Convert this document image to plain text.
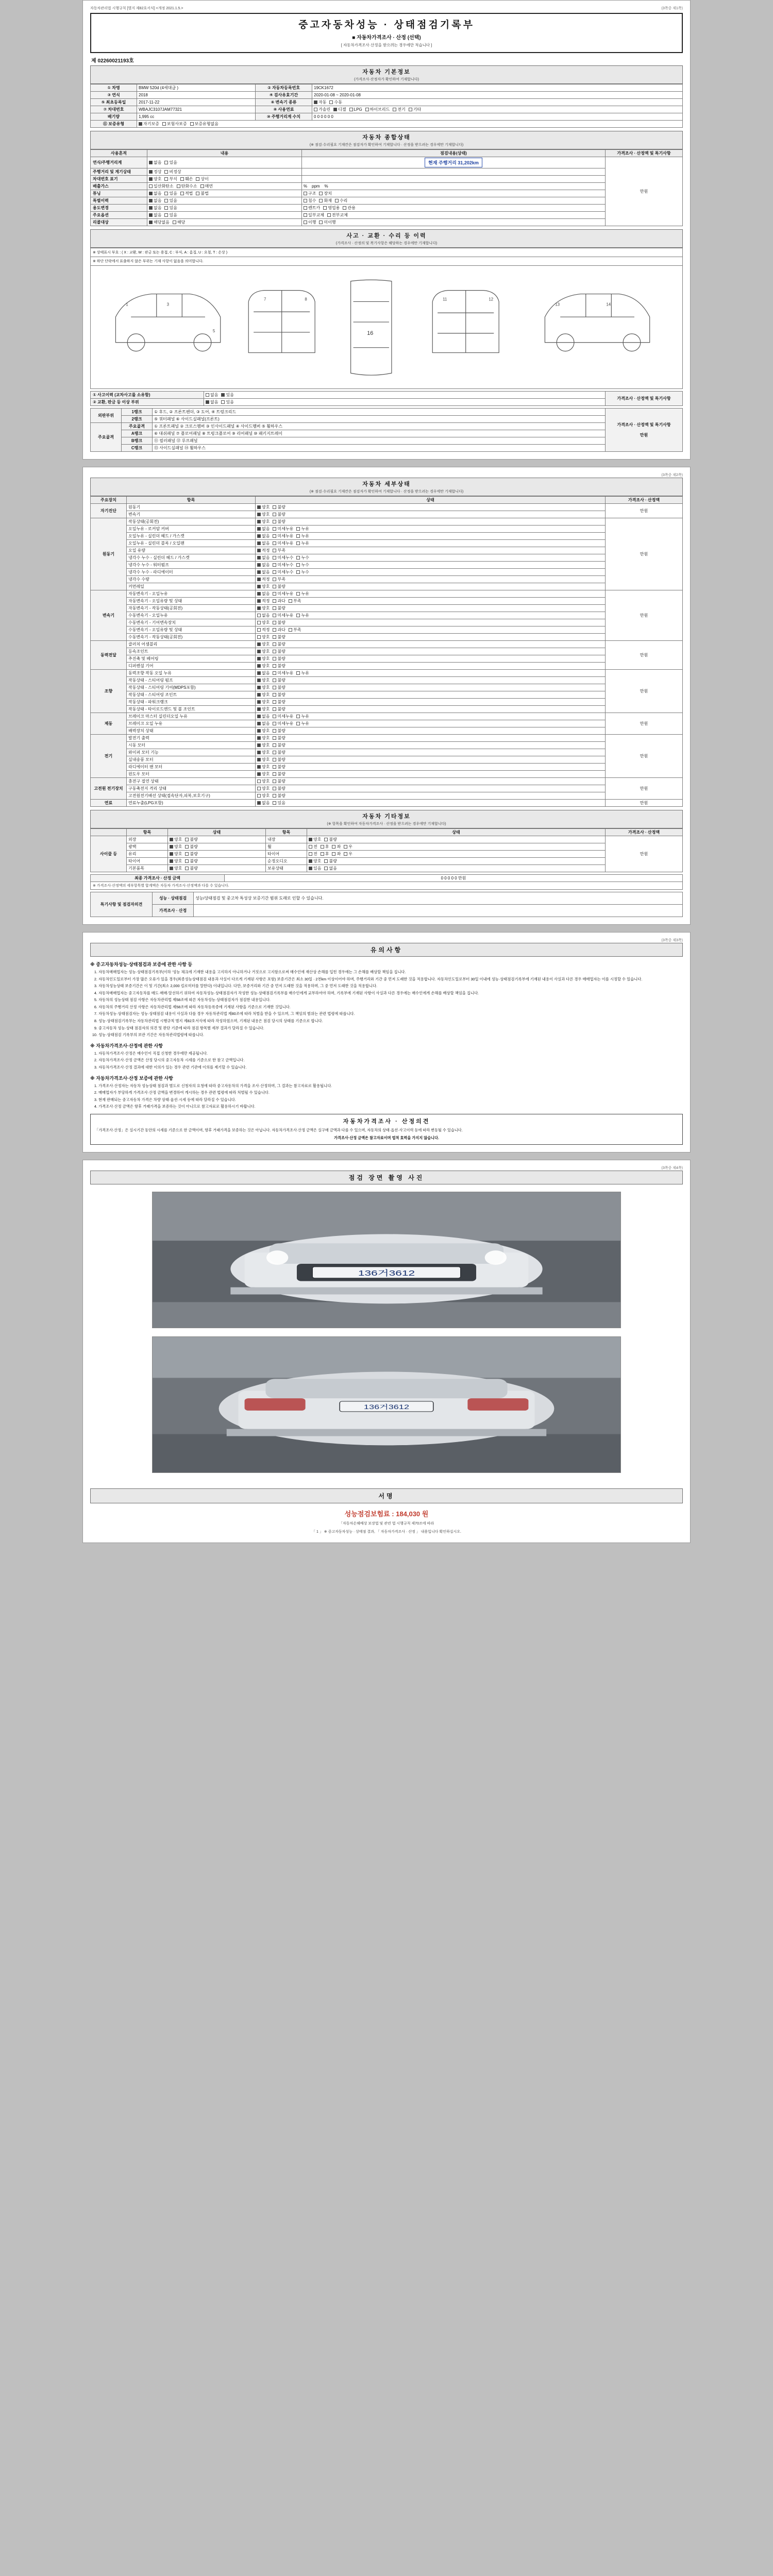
자동차관리법 시행규칙 [별지 제82호서식] <개정 2021.1.5.>	(3쪽중 제1쪽)
중고자동차성능 · 상태점검기록부
■ 자동차가격조사 · 산정 (선택)
[ 자동차가격조사·산정을 받으려는 경우에만 적습니다 ]
제 02260021193호
자동차 기본정보
(가격조사·산정자가 확인하여 기재합니다)
① 차명	BMW 520d (4세대급 )	② 자동차등록번호	19CK1672
③ 연식	2018	④ 검사유효기간	2020-01-08 ~ 2020-01-08
⑤ 최초등록일	2017-11-22	⑥ 변속기 종류	자동 수동
⑦ 차대번호	WBAJC3107JAM77321	⑧ 사용연료	가솔린 디젤 LPG 하이브리드 전기 기타
배기량	1,995 cc	⑩ 주행거리계 수치	0 0 0 0 0 0
⑪ 보증유형	자기보증 보험사보증 보증유형없음		
자동차 종합상태
(※ 점검·수리필요 기재칸은 점검자가 확인하여 기재합니다 · 산정을 받으려는 경우에만 기재합니다)
사용흔적	내용	점검내용(상태)	가격조사 · 산정액 및 특기사항
연식/주행거리계	없음 있음	현재 주행거리 31,202km	만원
주행거리 및 계기상태	정상 비정상		
차대번호 표기	양호 부식 훼손 상이		
배출가스	일산화탄소 탄화수소 매연	%    ppm    %	
튜닝	없음 있음 적법 불법	구조 장치	
특별이력	없음 있음	침수 화재 수리	
용도변경	없음 있음	렌트카 영업용 관용	
주요옵션	없음 있음	일부교체 전부교체	
리콜대상	해당없음 해당	이행 미이행	
사고 · 교환 · 수리 등 이력
(가격조사 · 산정의 및 복기사항은 해당하는 경우에만 기재합니다)
※ 상태표시 부호 : ( X : 교환, W : 판금 또는 용접, C : 부식, A : 흠집, U : 요철, T : 손상 )
※ 하단 단락에서 표출하지 않은 부위는 기재 사항이 없음을 의미합니다.
16
1	3
5
7	8	11	12
13	14
① 사고이력 (교차사고를 소유함)	없음 있음	가격조사 · 산정액 및 특기사항
② 교환, 판금 등 이상 부위	없음 있음	
외판부위	1랭크	① 후드, ② 프론트펜더, ③ 도어, ④ 트렁크리드	가격조사 · 산정액 및 특기사항

만원
	2랭크	⑤ 쿼터패널 ⑥ 사이드실패널(프론트)	
주요골격	주요골격	① 프론트패널 ② 크로스멤버 ③ 인사이드패널 ④ 사이드멤버 ⑤ 휠하우스	
	A랭크	⑥ 대쉬패널 ⑦ 플로어패널 ⑧ 트렁크플로어 ⑨ 리어패널 ⑩ 패키지트레이	
	B랭크	⑪ 필러패널 ⑫ 루프패널	
	C랭크	⑬ 사이드실패널 ⑭ 휠하우스	
(3쪽중 제2쪽)
자동차 세부상태
(※ 점검·수리필요 기재칸은 점검자가 확인하여 기재합니다 · 산정을 받으려는 경우에만 기재합니다)
주요장치	항목	상태	가격조사 · 산정액
자기진단	원동기	양호 불량	만원
	변속기	양호 불량	
원동기	작동상태(공회전)	양호 불량	만원
	오일누유 - 로커암 커버	없음 미세누유 누유	
	오일누유 - 실린더 헤드 / 가스켓	없음 미세누유 누유	
	오일누유 - 실린더 블록 / 오일팬	없음 미세누유 누유	
	오일 유량	적정 부족	
	냉각수 누수 - 실린더 헤드 / 가스켓	없음 미세누수 누수	
	냉각수 누수 - 워터펌프	없음 미세누수 누수	
	냉각수 누수 - 라디에이터	없음 미세누수 누수	
	냉각수 수량	적정 부족	
	커먼레일	양호 불량	
변속기	자동변속기 - 오일누유	없음 미세누유 누유	만원
	자동변속기 - 오일유량 및 상태	적정 과다 부족	
	자동변속기 - 작동상태(공회전)	양호 불량	
	수동변속기 - 오일누유	없음 미세누유 누유	
	수동변속기 - 기어변속장치	양호 불량	
	수동변속기 - 오일유량 및 상태	적정 과다 부족	
	수동변속기 - 작동상태(공회전)	양호 불량	
동력전달	클러치 어셈블리	양호 불량	만원
	등속조인트	양호 불량	
	추진축 및 베어링	양호 불량	
	디퍼렌셜 기어	양호 불량	
조향	동력조향 작동 오일 누유	없음 미세누유 누유	만원
	작동상태 - 스티어링 펌프	양호 불량	
	작동상태 - 스티어링 기어(MDPS포함)	양호 불량	
	작동상태 - 스티어링 조인트	양호 불량	
	작동상태 - 파워크랭크	양호 불량	
	작동상태 - 타이로드엔드 및 볼 조인트	양호 불량	
제동	브레이크 마스터 실린더오일 누유	없음 미세누유 누유	만원
	브레이크 오일 누유	없음 미세누유 누유	
	배력장치 상태	양호 불량	
전기	발전기 출력	양호 불량	만원
	시동 모터	양호 불량	
	와이퍼 모터 기능	양호 불량	
	실내송풍 모터	양호 불량	
	라디에이터 팬 모터	양호 불량	
	윈도우 모터	양호 불량	
고전원 전기장치	충전구 절연 상태	양호 불량	만원
	구동축전지 격리 상태	양호 불량	
	고전원전기배선 상태(접속단자,피복,보호기구)	양호 불량	
연료	연료누출(LPG포함)	없음 있음	만원
자동차 기타정보
(※ 항목을 확인하여 자동차가격조사 · 산정을 받으려는 경우에만 기재합니다)
	항목	상태	항목	상태	가격조사 · 산정액
사이클 등	외장	양호 불량	내장	양호 불량	만원
	광택	양호 불량	휠	전 후 좌 우	
	유리	양호 불량	타이어	전 후 좌 우	
	타이어	양호 불량	순정오디오	양호 불량	
	기본품목	양호 불량	보유상태	있음 없음	
최종 가격조사 · 산정 금액	0 0 0 0 0 만원
※ 가격조사·산정액의 세부항목별 합계액은 자동차 가격조사·산정액과 다를 수 있습니다.
특기사항 및 점검자의견	성능 · 상태점검	성능/상태점검 및 중고차 특성상 보증기간 범위 도래로 인할 수 있습니다.
	가격조사 · 산정	
(3쪽중 제3쪽)
유의사항
※ 중고자동차성능·상태점검과 보증에 관한 사항 등
1. 자동차매매업자는 성능·상태점검기록부(이하 '성능 체크에 기재한 내용을 고지하지 아니하거나 거짓으로 고지함으로써 매수인에 재산상 손해를 입힌 경우에는 그 손해를 배상할 책임을 집니다.
2. 자동차인도일로부터 가장 많은 오류가 있을 경우(최종성능상태점검 내용과 사실이 다르게 기재된 사항은 포함) 보증기간은 최소 30일 · 2천km 이상이어야 하며, 주행거리와 기간 중 먼저 도래한 것을 적용합니다. 자동차인도일로부터 30일 이내에 성능·상태점검기록부에 기재된 내용이 사실과 다른 경우 매매업자는 이를 시정할 수 있습니다.
3. 자동차성능상태 보증기간은 이 및 기간(최소 2,000 킬로미터를 말한다) 이내입니다. 다만, 보증거리와 기간 중 먼저 도래한 것을 적용하며, 그 중 먼저 도래한 것을 적용합니다.
4. 자동차매매업자는 중고자동차를 매도·매매·알선하기 위하여 자동차성능·상태점검자가 작성한 성능·상태점검기록부를 매수인에게 교부하여야 하며, 기록부에 기재된 사항이 사실과 다른 경우에는 매수인에게 손해를 배상할 책임을 집니다.
5. 자동차의 성능상태 점검 사항은 자동차관리법 제58조에 따른 자동차성능·상태점검자가 점검한 내용입니다.
6. 자동차의 주행거리 산정 사항은 자동차관리법 제58조에 따라 자동차등록증에 기재된 사항을 기준으로 기재한 것입니다.
7. 자동차성능·상태점검자는 성능·상태점검 내용이 사실과 다를 경우 자동차관리법 제80조에 따라 처벌을 받을 수 있으며, 그 책임의 범위는 관련 법령에 따릅니다.
8. 성능·상태점검기록부는 자동차관리법 시행규칙 별지 제82호서식에 따라 작성하였으며, 기재된 내용은 점검 당시의 상태를 기준으로 합니다.
9. 중고자동차 성능·상태 점검자의 의견 및 판단 기준에 따라 점검 항목별 세부 결과가 달라질 수 있습니다.
10. 성능·상태점검 기록부의 보관 기간은 자동차관리법령에 따릅니다.
※ 자동차가격조사·산정에 관한 사항
1. 자동차가격조사·산정은 매수인이 직접 신청한 경우에만 제공됩니다.
2. 자동차가격조사·산정 금액은 산정 당시의 중고자동차 시세를 기준으로 한 참고 금액입니다.
3. 자동차가격조사·산정 결과에 대한 이의가 있는 경우 관련 기관에 이의를 제기할 수 있습니다.
※ 자동차가격조사·산정 보증에 관한 사항
1. 가격조사·산정자는 자동차 성능상태 점검과 별도로 신청자의 요청에 따라 중고자동차의 가격을 조사·산정하며, 그 결과는 참고자료로 활용됩니다.
2. 매매업자가 부당하게 가격조사·산정 금액을 변경하여 게시하는 경우 관련 법령에 따라 처벌될 수 있습니다.
3. 현재 판매되는 중고자동차 가격은 차량 상태·옵션·시세 등에 따라 달라질 수 있습니다.
4. 가격조사·산정 금액은 향후 거래가격을 보증하는 것이 아니므로 참고자료로 활용하시기 바랍니다.
자동차가격조사 · 산정의견
「가격조사·산정」은 실시기간 동안의 시세를 기준으로 한 금액이며, 향후 거래가격을 보증하는 것은 아닙니다. 자동차가격조사·산정 금액은 실구매 금액과 다를 수 있으며, 자동차의 상태·옵션·사고이력 등에 따라 변동될 수 있습니다.
가격조사·산정 금액은 참고자료이며 법적 효력을 가지지 않습니다.
(3쪽중 제4쪽)
점검 장면 촬영 사진
136거3612
136거3612
서명
성능점검보험료 : 184,030 원
「자동차손해배상 보장법 및 관련 법 시행규칙 제70조에 따라
「 1 」 ※ 중고자동차성능 · 상태점 결과, 「 자동차가격조사 · 산정 」 내용입니다 확인하십시오.
